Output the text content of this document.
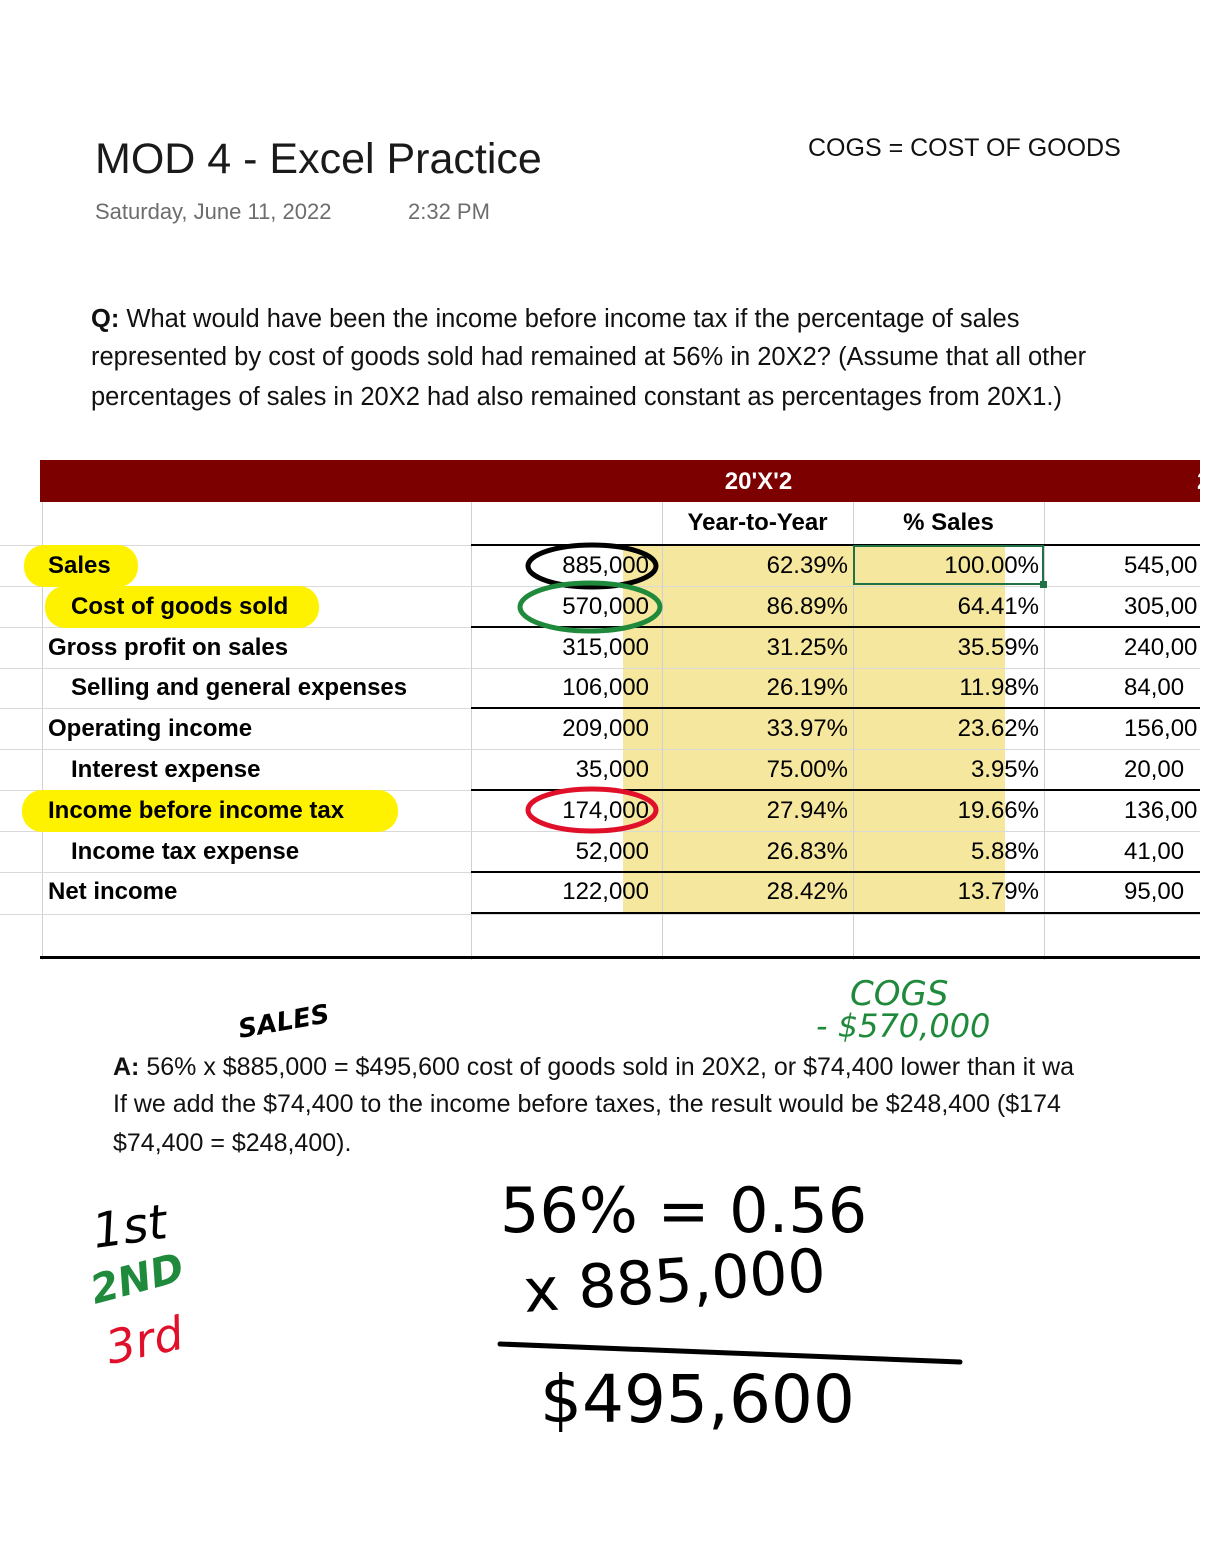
MOD 4 - Excel Practice
Saturday, June 11, 2022	2:32 PM
COGS = COST OF GOODS
Q: What would have been the income before income tax if the percentage of sales
represented by cost of goods sold had remained at 56% in 20X2? (Assume that all other
percentages of sales in 20X2 had also remained constant as percentages from 20X1.)
20'X'2	2
Year-to-Year	% Sales
Sales	885,000	62.39%	100.00%	545,00
Cost of goods sold	570,000	86.89%	64.41%	305,00
Gross profit on sales	315,000	31.25%	35.59%	240,00
Selling and general expenses	106,000	26.19%	11.98%	84,00
Operating income	209,000	33.97%	23.62%	156,00
Interest expense	35,000	75.00%	3.95%	20,00
Income before income tax	174,000	27.94%	19.66%	136,00
Income tax expense	52,000	26.83%	5.88%	41,00
Net income	122,000	28.42%	13.79%	95,00
A: 56% x $885,000 = $495,600 cost of goods sold in 20X2, or $74,400 lower than it wa
If we add the $74,400 to the income before taxes, the result would be $248,400 ($174
$74,400 = $248,400).
SALES
COGS
- $570,000
1st
2ND
3rd
56% = 0.56
x 885,000
$495,600
